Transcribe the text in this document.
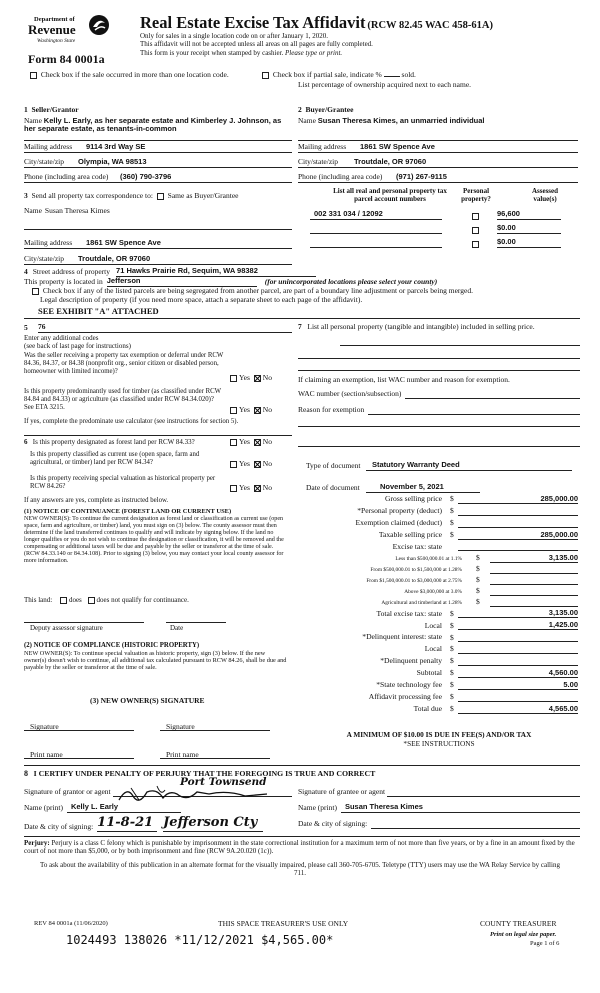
Department of
Revenue
Washington State
Form 84 0001a
Real Estate Excise Tax Affidavit (RCW 82.45 WAC 458-61A)
Only for sales in a single location code on or after January 1, 2020.
This affidavit will not be accepted unless all areas on all pages are fully completed.
This form is your receipt when stamped by cashier. Please type or print.
Check box if the sale occurred in more than one location code.	Check box if partial sale, indicate %	sold.
List percentage of ownership acquired next to each name.
1 Seller/Grantor
Name Kelly L. Early, as her separate estate and Kimberley J. Johnson, as her separate estate, as tenants-in-common
Mailing address	9114 3rd Way SE
City/state/zip	Olympia, WA 98513
Phone (including area code)	(360) 790-3796
2 Buyer/Grantee
Name Susan Theresa Kimes, an unmarried individual
Mailing address	1861 SW Spence Ave
City/state/zip	Troutdale, OR 97060
Phone (including area code)	(971) 267-9115
3 Send all property tax correspondence to: Same as Buyer/Grantee
Name Susan Theresa Kimes
Mailing address	1861 SW Spence Ave
City/state/zip	Troutdale, OR 97060
List all real and personal property tax
parcel account numbers
Personal
property?
Assessed
value(s)
002 331 034 / 12092	96,600
$0.00
$0.00
4 Street address of property 71 Hawks Prairie Rd, Sequim, WA 98382
This property is located in Jefferson	(for unincorporated locations please select your county)
Check box if any of the listed parcels are being segregated from another parcel, are part of a boundary line adjustment or parcels being merged.
Legal description of property (if you need more space, attach a separate sheet to each page of the affidavit).
SEE EXHIBIT "A" ATTACHED
5	76
Enter any additional codes
(see back of last page for instructions)
Was the seller receiving a property tax exemption or deferral under RCW 84.36, 84.37, or 84.38 (nonprofit org., senior citizen or disabled person, homeowner with limited income)?
Yes No
Is this property predominantly used for timber (as classified under RCW 84.84 and 84.33) or agriculture (as classified under RCW 84.34.020)? See ETA 3215.	Yes No
If yes, complete the predominate use calculator (see instructions for section 5).
6 Is this property designated as forest land per RCW 84.33?	Yes No
Is this property classified as current use (open space, farm and agricultural, or timber) land per RCW 84.34?	Yes No
Is this property receiving special valuation as historical property per RCW 84.26?	Yes No
If any answers are yes, complete as instructed below.
(1) NOTICE OF CONTINUANCE (FOREST LAND OR CURRENT USE)
NEW OWNER(S): To continue the current designation as forest land or classification as current use (open space, farm and agriculture, or timber) land, you must sign on (3) below. The county assessor must then determine if the land transferred continues to qualify and will indicate by signing below. If the land no longer qualifies or you do not wish to continue the designation or classification, it will be removed and the compensating or additional taxes will be due and payable by the seller or transferor at the time of sale. (RCW 84.33.140 or 84.34.108). Prior to signing (3) below, you may contact your local county assessor for more information.
This land: does does not qualify for continuance.
Deputy assessor signature	Date
(2) NOTICE OF COMPLIANCE (HISTORIC PROPERTY)
NEW OWNER(S): To continue special valuation as historic property, sign (3) below. If the new owner(s) doesn't wish to continue, all additional tax calculated pursuant to RCW 84.26, shall be due and payable by the seller or transferor at the time of sale.
(3) NEW OWNER(S) SIGNATURE
Signature	Signature
Print name	Print name
7 List all personal property (tangible and intangible) included in selling price.
If claiming an exemption, list WAC number and reason for exemption.
WAC number (section/subsection)
Reason for exemption
Type of document	Statutory Warranty Deed
Date of document	November 5, 2021
Gross selling price $	285,000.00
*Personal property (deduct) $
Exemption claimed (deduct) $
Taxable selling price $	285,000.00
Excise tax: state
Less than $500,000.01 at 1.1% $	3,135.00
From $500,000.01 to $1,500,000 at 1.28% $
From $1,500,000.01 to $3,000,000 at 2.75% $
Above $3,000,000 at 3.0% $
Agricultural and timberland at 1.28% $
Total excise tax: state $	3,135.00
Local $	1,425.00
*Delinquent interest: state $
Local $
*Delinquent penalty $
Subtotal $	4,560.00
*State technology fee $	5.00
Affidavit processing fee $
Total due $	4,565.00
A MINIMUM OF $10.00 IS DUE IN FEE(S) AND/OR TAX
*SEE INSTRUCTIONS
8 I CERTIFY UNDER PENALTY OF PERJURY THAT THE FOREGOING IS TRUE AND CORRECT
Signature of grantor or agent
Port Townsend
Name (print)	Kelly L. Early
Date & city of signing: 11-8-21 Jefferson Cty
Signature of grantee or agent
Name (print)	Susan Theresa Kimes
Date & city of signing:
Perjury: Perjury is a class C felony which is punishable by imprisonment in the state correctional institution for a maximum term of not more than five years, or by a fine in an amount fixed by the court of not more than $5,000, or by both imprisonment and fine (RCW 9A.20.020 (1c)).
To ask about the availability of this publication in an alternate format for the visually impaired, please call 360-705-6705. Teletype (TTY) users may use the WA Relay Service by calling 711.
REV 84 0001a (11/06/2020)	THIS SPACE TREASURER'S USE ONLY	COUNTY TREASURER
Print on legal size paper.
Page 1 of 6
1024493 138026 *11/12/2021 $4,565.00*
